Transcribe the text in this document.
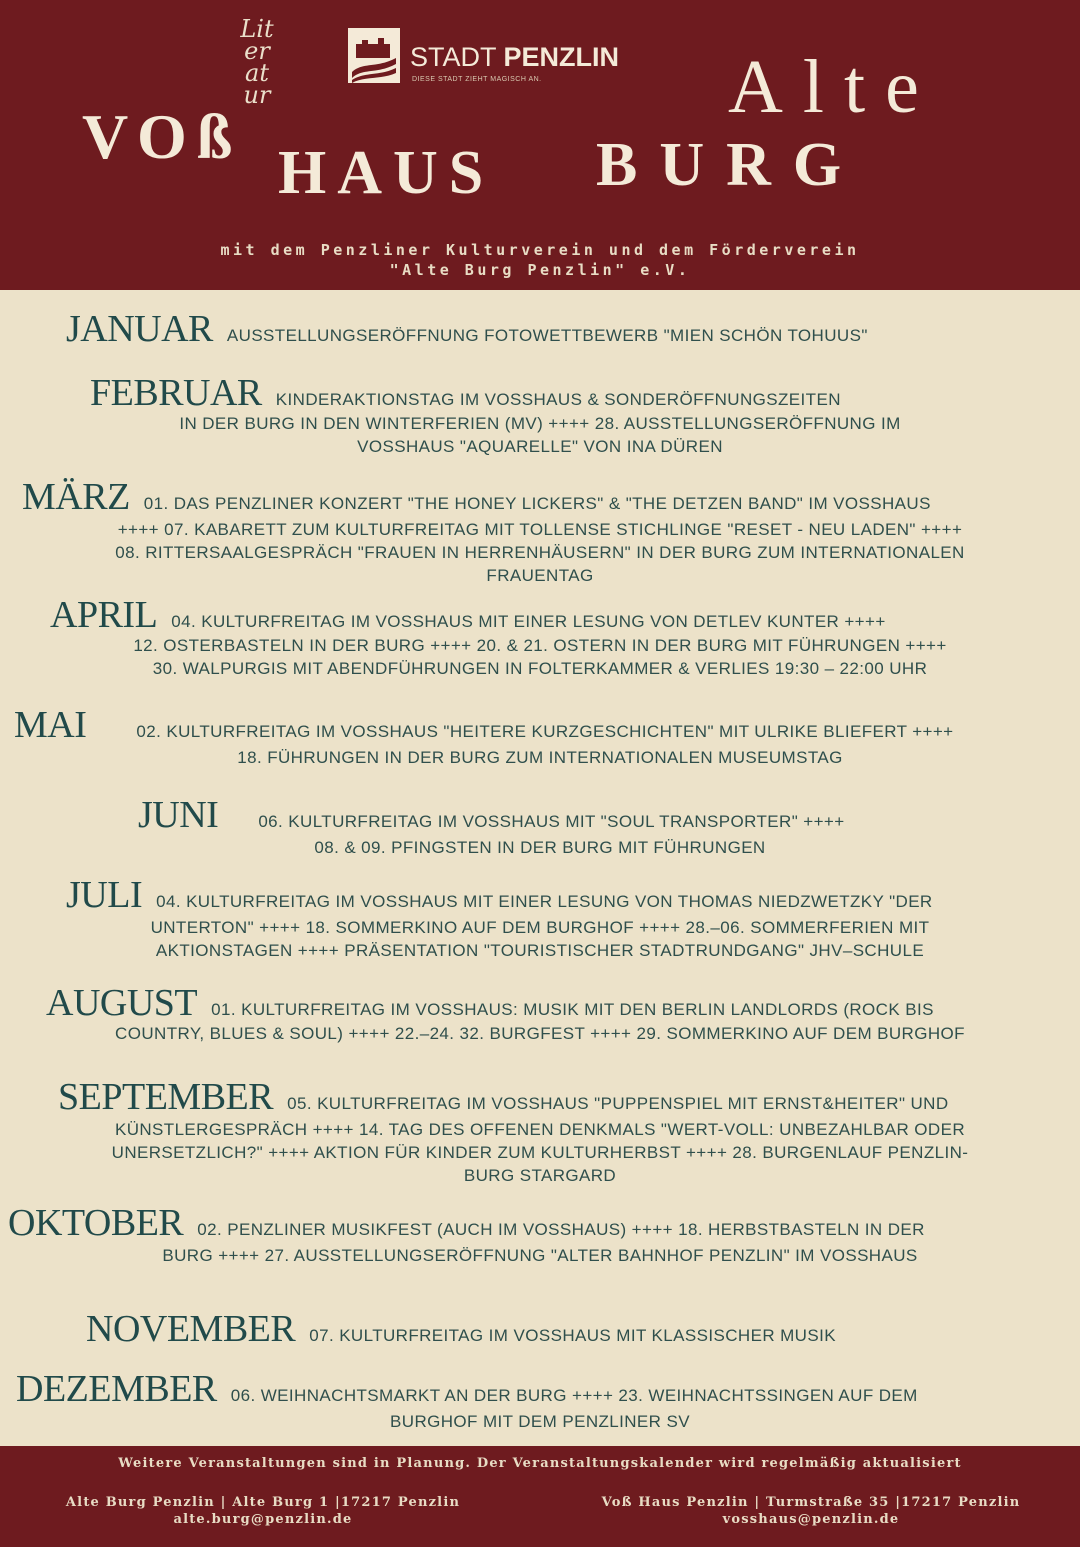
VOß
Literatur
HAUS
STADT PENZLIN
DIESE STADT ZIEHT MAGISCH AN. Alte
BURG
mit dem Penzliner Kulturverein und dem Förderverein
"Alte Burg Penzlin" e.V.
JANUAR AUSSTELLUNGSERÖFFNUNG FOTOWETTBEWERB "MIEN SCHÖN TOHUUS"
FEBRUAR KINDERAKTIONSTAG IM VOSSHAUS & SONDERÖFFNUNGSZEITEN
IN DER BURG IN DEN WINTERFERIEN (MV) ++++ 28. AUSSTELLUNGSERÖFFNUNG IM
VOSSHAUS "AQUARELLE" VON INA DÜREN
MÄRZ 01. DAS PENZLINER KONZERT "THE HONEY LICKERS" & "THE DETZEN BAND" IM VOSSHAUS
++++ 07. KABARETT ZUM KULTURFREITAG MIT TOLLENSE STICHLINGE "RESET - NEU LADEN" ++++
08. RITTERSAALGESPRÄCH "FRAUEN IN HERRENHÄUSERN" IN DER BURG ZUM INTERNATIONALEN
FRAUENTAG
APRIL 04. KULTURFREITAG IM VOSSHAUS MIT EINER LESUNG VON DETLEV KUNTER ++++
12. OSTERBASTELN IN DER BURG ++++ 20. & 21. OSTERN IN DER BURG MIT FÜHRUNGEN ++++
30. WALPURGIS MIT ABENDFÜHRUNGEN IN FOLTERKAMMER & VERLIES 19:30 – 22:00 UHR
MAI	02. KULTURFREITAG IM VOSSHAUS "HEITERE KURZGESCHICHTEN" MIT ULRIKE BLIEFERT ++++
18. FÜHRUNGEN IN DER BURG ZUM INTERNATIONALEN MUSEUMSTAG
JUNI 06. KULTURFREITAG IM VOSSHAUS MIT "SOUL TRANSPORTER" ++++
08. & 09. PFINGSTEN IN DER BURG MIT FÜHRUNGEN
JULI 04. KULTURFREITAG IM VOSSHAUS MIT EINER LESUNG VON THOMAS NIEDZWETZKY "DER
UNTERTON" ++++ 18. SOMMERKINO AUF DEM BURGHOF ++++ 28.–06. SOMMERFERIEN MIT
AKTIONSTAGEN ++++ PRÄSENTATION "TOURISTISCHER STADTRUNDGANG" JHV–SCHULE
AUGUST 01. KULTURFREITAG IM VOSSHAUS: MUSIK MIT DEN BERLIN LANDLORDS (ROCK BIS
COUNTRY, BLUES & SOUL) ++++ 22.–24. 32. BURGFEST ++++ 29. SOMMERKINO AUF DEM BURGHOF
SEPTEMBER 05. KULTURFREITAG IM VOSSHAUS "PUPPENSPIEL MIT ERNST&HEITER" UND
KÜNSTLERGESPRÄCH ++++ 14. TAG DES OFFENEN DENKMALS "WERT-VOLL: UNBEZAHLBAR ODER
UNERSETZLICH?" ++++ AKTION FÜR KINDER ZUM KULTURHERBST ++++ 28. BURGENLAUF PENZLIN-
BURG STARGARD
OKTOBER 02. PENZLINER MUSIKFEST (AUCH IM VOSSHAUS) ++++ 18. HERBSTBASTELN IN DER
BURG ++++ 27. AUSSTELLUNGSERÖFFNUNG "ALTER BAHNHOF PENZLIN" IM VOSSHAUS
NOVEMBER 07. KULTURFREITAG IM VOSSHAUS MIT KLASSISCHER MUSIK
DEZEMBER 06. WEIHNACHTSMARKT AN DER BURG ++++ 23. WEIHNACHTSSINGEN AUF DEM
BURGHOF MIT DEM PENZLINER SV
Weitere Veranstaltungen sind in Planung. Der Veranstaltungskalender wird regelmäßig aktualisiert
Alte Burg Penzlin | Alte Burg 1 |17217 Penzlin
alte.burg@penzlin.de
Voß Haus Penzlin | Turmstraße 35 |17217 Penzlin
vosshaus@penzlin.de
